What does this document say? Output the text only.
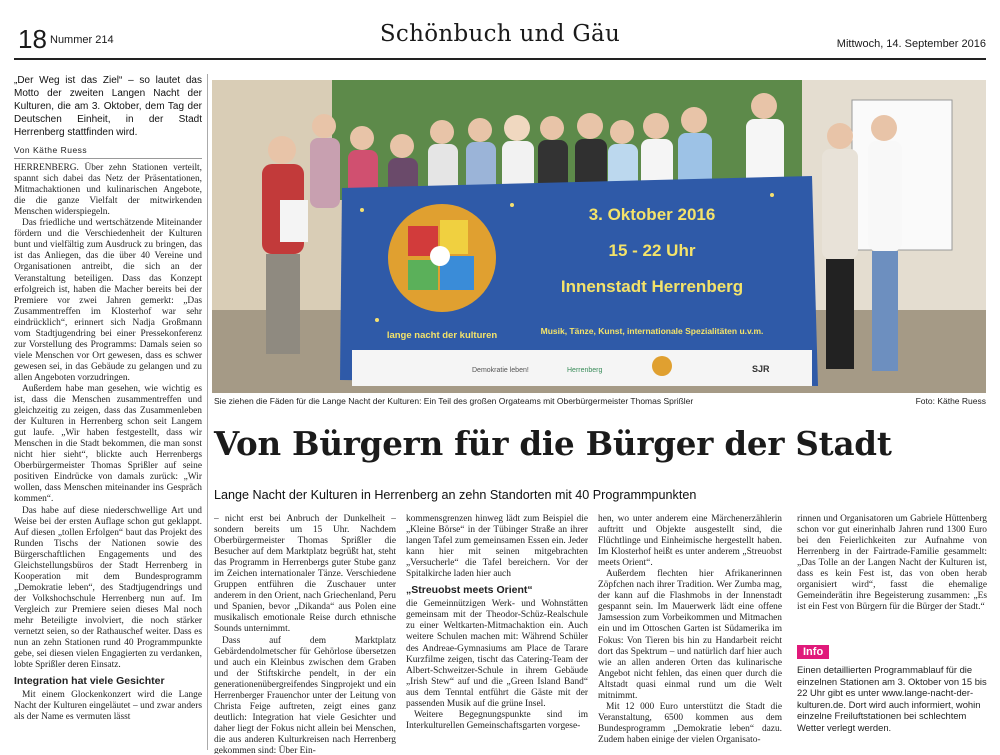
18 Nummer 214	Schönbuch und Gäu	Mittwoch, 14. September 2016
„Der Weg ist das Ziel“ – so lautet das Motto der zweiten Langen Nacht der Kulturen, die am 3. Oktober, dem Tag der Deutschen Einheit, in der Stadt Herrenberg stattfinden wird.
Von Käthe Ruess

HERRENBERG. Über zehn Stationen verteilt, spannt sich dabei das Netz der Präsentationen, Mitmachaktionen und kulinarischen Angebote, die die ganze Vielfalt der mitwirkenden Menschen widerspiegeln.

Das friedliche und wertschätzende Miteinander fördern und die Verschiedenheit der Kulturen bunt und vielfältig zum Ausdruck zu bringen, das ist das Anliegen, das die über 40 Vereine und Organisationen antreibt, die sich an der Veranstaltung beteiligen. Dass das Konzept erfolgreich ist, haben die Macher bereits bei der Premiere vor zwei Jahren gemerkt: „Das Zusammentreffen im Klosterhof war sehr eindrücklich“, erinnert sich Nadja Großmann vom Stadtjugendring bei einer Pressekonferenz zur Vorstellung des Programms: Damals seien so viele Menschen vor Ort gewesen, dass es schwer gewesen sei, in das Gebäude zu gelangen und zu allen Angeboten vorzudringen.

Außerdem habe man gesehen, wie wichtig es ist, dass die Menschen zusammentreffen und gleichzeitig zu zeigen, dass das Zusammenleben der Kulturen in Herrenberg schon seit Langem gut laufe. „Wir haben festgestellt, dass wir Menschen in die Stadt bekommen, die man sonst nicht hier sieht“, blickte auch Herrenbergs Oberbürgermeister Thomas Sprißler auf seine positiven Eindrücke von damals zurück: „Wir wollen, dass Menschen miteinander ins Gespräch kommen“.

Das habe auf diese niederschwellige Art und Weise bei der ersten Auflage schon gut geklappt. Auf diesen „tollen Erfolgen“ baut das Projekt des Runden Tischs der Nationen sowie des Bürgerschaftlichen Engagements und des Gleichstellungsbüros der Stadt Herrenberg in Kooperation mit dem Bundesprogramm „Demokratie leben“, des Stadtjugendrings und der Volkshochschule Herrenberg nun auf. Im Vergleich zur Premiere seien dieses Mal noch mehr Beteiligte involviert, die noch stärker vernetzt seien, so der Rathauschef weiter. Dass es nun an zehn Stationen rund 40 Programmpunkte gebe, sei diesen vielen Engagierten zu verdanken, lobte Sprißler deren Einsatz.

Integration hat viele Gesichter

Mit einem Glockenkonzert wird die Lange Nacht der Kulturen eingeläutet – und zwar anders als der Name es vermuten lässt

3. Oktober 2016
15 - 22 Uhr
Innenstadt Herrenberg
Musik, Tänze, Kunst, internationale Spezialitäten u.v.m.
lange nacht der kulturen
Demokratie leben!	Herrenberg	SJR
Sie ziehen die Fäden für die Lange Nacht der Kulturen: Ein Teil des großen Orgateams mit Oberbürgermeister Thomas Sprißler	Foto: Käthe Ruess
Von Bürgern für die Bürger der Stadt
Lange Nacht der Kulturen in Herrenberg an zehn Standorten mit 40 Programmpunkten

– nicht erst bei Anbruch der Dunkelheit – sondern bereits um 15 Uhr. Nachdem Oberbürgermeister Thomas Sprißler die Besucher auf dem Marktplatz begrüßt hat, steht das Programm in Herrenbergs guter Stube ganz im Zeichen internationaler Tänze. Verschiedene Gruppen entführen die Zuschauer unter anderem in den Orient, nach Griechenland, Peru und Spanien, bevor „Dikanda“ aus Polen eine musikalisch emotionale Reise durch ethnische Sounds unternimmt.

Dass auf dem Marktplatz Gebärdendolmetscher für Gehörlose übersetzen und auch ein Kleinbus zwischen dem Graben und der Stiftskirche pendelt, in der ein generationenübergreifendes Singprojekt und ein Herrenberger Frauenchor unter der Leitung von Christa Feige auftreten, zeigt eines ganz deutlich: Integration hat viele Gesichter und daher liegt der Fokus nicht allein bei Menschen, die aus anderen Kulturkreisen nach Herrenberg gekommen sind: Über Ein-

kommensgrenzen hinweg lädt zum Beispiel die „Kleine Börse“ in der Tübinger Straße an ihrer langen Tafel zum gemeinsamen Essen ein. Jeder kann hier mit seinen mitgebrachten „Versucherle“ die Tafel bereichern. Vor der Spitalkirche laden hier auch

„Streuobst meets Orient“

die Gemeinnützigen Werk- und Wohnstätten gemeinsam mit der Theodor-Schüz-Realschule zu einer Weltkarten-Mitmachaktion ein. Auch weitere Schulen machen mit: Während Schüler des Andreae-Gymnasiums am Place de Tarare Kurzfilme zeigen, tischt das Catering-Team der Albert-Schweitzer-Schule in ihrem Gebäude „Irish Stew“ auf und die „Green Island Band“ aus dem Tenntal entführt die Gäste mit der passenden Musik auf die grüne Insel.

Weitere Begegnungspunkte sind im Interkulturellen Gemeinschaftsgarten vorgese-

hen, wo unter anderem eine Märchenerzählerin auftritt und Objekte ausgestellt sind, die Flüchtlinge und Einheimische hergestellt haben. Im Klosterhof heißt es unter anderem „Streuobst meets Orient“.

Außerdem flechten hier Afrikanerinnen Zöpfchen nach ihrer Tradition. Wer Zumba mag, der kann auf die Flashmobs in der Innenstadt gespannt sein. Im Mauerwerk lädt eine offene Jamsession zum Vorbeikommen und Mitmachen ein und im Ottoschen Garten ist Südamerika im Fokus: Von Tieren bis hin zu Handarbeit reicht dort das Spektrum – und natürlich darf hier auch wie an allen anderen Orten das kulinarische Angebot nicht fehlen, das einen quer durch die Altstadt quasi einmal rund um die Welt mitnimmt.

Mit 12 000 Euro unterstützt die Stadt die Veranstaltung, 6500 kommen aus dem Bundesprogramm „Demokratie leben“ dazu. Zudem haben einige der vielen Organisato-

rinnen und Organisatoren um Gabriele Hüttenberg schon vor gut einerinhalb Jahren rund 1300 Euro bei den Feierlichkeiten zur Aufnahme von Herrenberg in der Fairtrade-Familie gesammelt: „Das Tolle an der Langen Nacht der Kulturen ist, dass es kein Fest ist, das von oben herab organisiert wird“, fasst die ehemalige Gemeinderätin ihre Begeisterung zusammen: „Es ist ein Fest von Bürgern für die Bürger der Stadt.“

Info
Einen detaillierten Programmablauf für die einzelnen Stationen am 3. Oktober von 15 bis 22 Uhr gibt es unter www.lange-nacht-der-kulturen.de. Dort wird auch informiert, wohin einzelne Freiluftstationen bei schlechtem Wetter verlegt werden.
